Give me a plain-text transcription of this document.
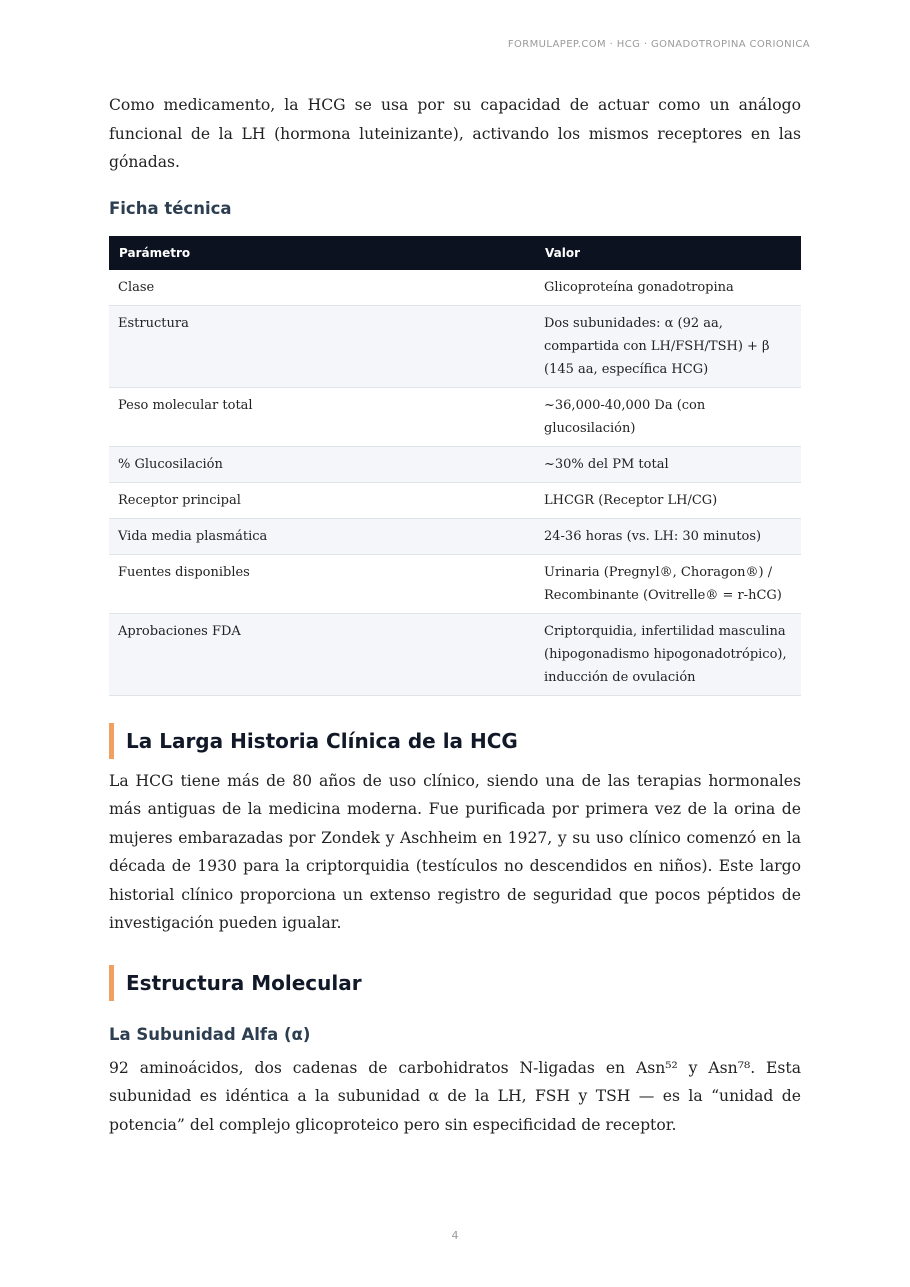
FORMULAPEP.COM · HCG · GONADOTROPINA CORIONICA

Como medicamento, la HCG se usa por su capacidad de actuar como un análogo funcional de la LH (hormona luteinizante), activando los mismos receptores en las gónadas.

Ficha técnica
Parámetro	Valor
Clase	Glicoproteína gonadotropina
Estructura	Dos subunidades: α (92 aa, compartida con LH/FSH/TSH) + β (145 aa, específica HCG)
Peso molecular total	~36,000-40,000 Da (con glucosilación)
% Glucosilación	~30% del PM total
Receptor principal	LHCGR (Receptor LH/CG)
Vida media plasmática	24-36 horas (vs. LH: 30 minutos)
Fuentes disponibles	Urinaria (Pregnyl®, Choragon®) / Recombinante (Ovitrelle® = r-hCG)
Aprobaciones FDA	Criptorquidia, infertilidad masculina (hipogonadismo hipogonadotrópico), inducción de ovulación
La Larga Historia Clínica de la HCG

La HCG tiene más de 80 años de uso clínico, siendo una de las terapias hormonales más antiguas de la medicina moderna. Fue purificada por primera vez de la orina de mujeres embarazadas por Zondek y Aschheim en 1927, y su uso clínico comenzó en la década de 1930 para la criptorquidia (testículos no descendidos en niños). Este largo historial clínico proporciona un extenso registro de seguridad que pocos péptidos de investigación pueden igualar.

Estructura Molecular
La Subunidad Alfa (α)

92 aminoácidos, dos cadenas de carbohidratos N-ligadas en Asn⁵² y Asn⁷⁸. Esta subunidad es idéntica a la subunidad α de la LH, FSH y TSH — es la “unidad de potencia” del complejo glicoproteico pero sin especificidad de receptor.

4
